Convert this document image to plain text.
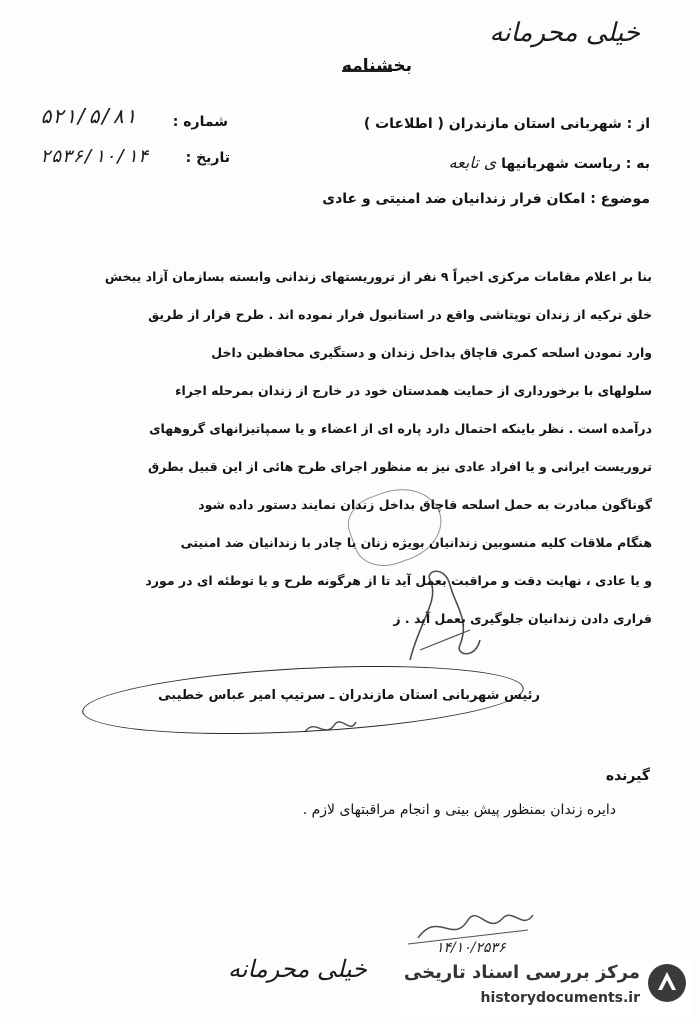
خیلی محرمانه
بخشنامه
شماره :
۵۲۱/۵/۸۱
تاریخ :
۲۵۳۶/۱۰/۱۴
از : شهربانی استان مازندران ( اطلاعات )
به : ریاست شهربانیها ی تابعه
موضوع : امکان فرار زندانیان ضد امنیتی و عادی
بنا بر اعلام مقامات مرکزی اخیراً ۹ نفر از تروریستهای زندانی وابسته بسازمان آزاد یبخش
خلق ترکیه از زندان توپتاشی واقع در استانبول فرار نموده اند . طرح فرار از طریق
وارد نمودن اسلحه کمری قاچاق بداخل زندان و دستگیری محافظین داخل
سلولهای با برخورداری از حمایت همدستان خود در خارج از زندان بمرحله اجراء
درآمده است . نظر باینکه احتمال دارد پاره ای از اعضاء و یا سمپاتیزانهای گروههای
تروریست ایرانی و یا افراد عادی نیز به منظور اجرای طرح هائی از این قبیل بطرق
گوناگون مبادرت به حمل اسلحه قاچاق بداخل زندان نمایند دستور داده شود
هنگام ملاقات کلیه منسوبین زندانیان بویژه زنان با چادر با زندانیان ضد امنیتی
و یا عادی ، نهایت دقت و مراقبت بعمل آید تا از هرگونه طرح و یا توطئه ای در مورد
فراری دادن زندانیان جلوگیری بعمل آید . ز
رئیس شهربانی استان مازندران ـ سرتیپ امیر عباس خطیبی
گیرنده
دایره زندان بمنظور پیش بینی و انجام مراقبتهای لازم .
۱۴/۱۰/۲۵۳۶
خیلی محرمانه مرکز بررسی اسناد تاریخی
historydocuments.ir
